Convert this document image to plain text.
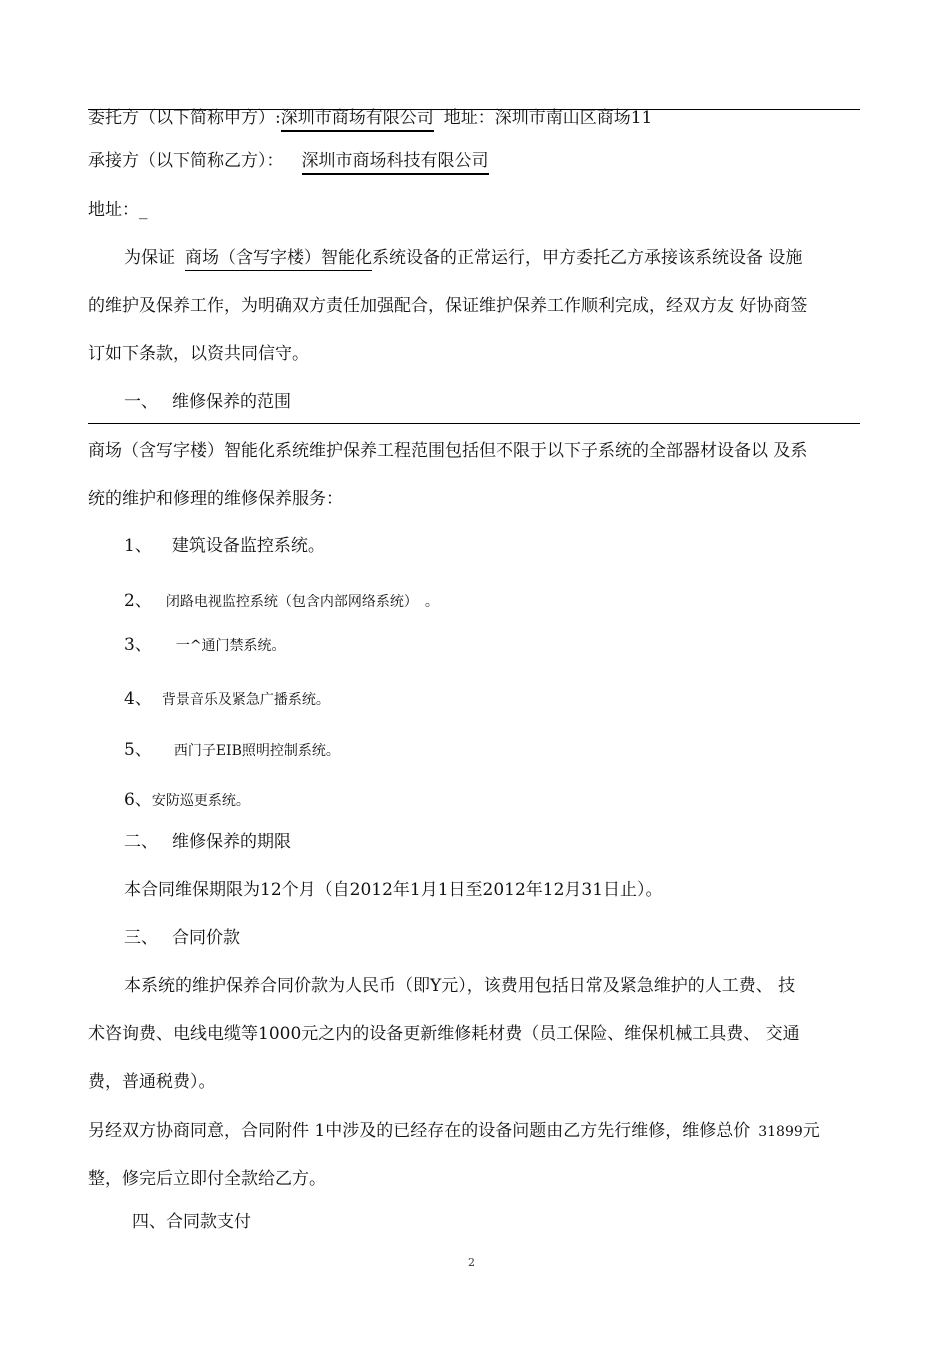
委托方（以下简称甲方）:深圳市商场有限公司 地址：深圳市南山区商场11
承接方（以下简称乙方）： 深圳市商场科技有限公司
地址：_
为保证 商场（含写字楼）智能化系统设备的正常运行，甲方委托乙方承接该系统设备 设施
的维护及保养工作，为明确双方责任加强配合，保证维护保养工作顺利完成，经双方友 好协商签
订如下条款，以资共同信守。
一、 维修保养的范围
商场（含写字楼）智能化系统维护保养工程范围包括但不限于以下子系统的全部器材设备以 及系
统的维护和修理的维修保养服务：
1、 建筑设备监控系统。
2、 闭路电视监控系统（包含内部网络系统）　。
3、 一^通门禁系统。
4、 背景音乐及紧急广播系统。
5、 西门子EIB照明控制系统。
6、安防巡更系统。
二、 维修保养的期限
本合同维保期限为12个月（自2012年1月1日至2012年12月31日止）。
三、 合同价款
本系统的维护保养合同价款为人民币（即Y元），该费用包括日常及紧急维护的人工费、 技
术咨询费、电线电缆等1000元之内的设备更新维修耗材费（员工保险、维保机械工具费、 交通
费，普通税费）。
另经双方协商同意，合同附件 1中涉及的已经存在的设备问题由乙方先行维修，维修总价 31899元
整，修完后立即付全款给乙方。
四、合同款支付
2
